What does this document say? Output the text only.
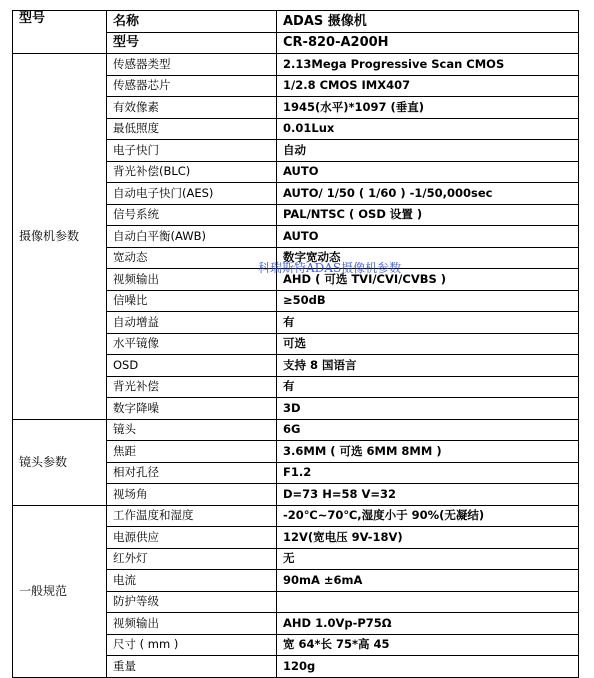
型号	名称	ADAS 摄像机
	型号	CR-820-A200H
摄像机参数	传感器类型	2.13Mega Progressive Scan CMOS
	传感器芯片	1/2.8 CMOS IMX407
	有效像素	1945(水平)*1097 (垂直)
	最低照度	0.01Lux
	电子快门	自动
	背光补偿(BLC)	AUTO
	自动电子快门(AES)	AUTO/ 1/50 ( 1/60 ) -1/50,000sec
	信号系统	PAL/NTSC ( OSD 设置 )
	自动白平衡(AWB)	AUTO
	宽动态	数字宽动态
	视频输出	AHD ( 可选 TVI/CVI/CVBS )
	信噪比	≥50dB
	自动增益	有
	水平镜像	可选
	OSD	支持 8 国语言
	背光补偿	有
	数字降噪	3D
镜头参数	镜头	6G
	焦距	3.6MM ( 可选 6MM 8MM )
	相对孔径	F1.2
	视场角	D=73 H=58 V=32
一般规范	工作温度和湿度	-20℃~70℃,湿度小于 90%(无凝结)
	电源供应	12V(宽电压 9V-18V)
	红外灯	无
	电流	90mA ±6mA
	防护等级	
	视频输出	AHD 1.0Vp-P75Ω
	尺寸 ( mm )	宽 64*长 75*高 45
	重量	120g
科瑞斯特ADAS摄像机参数
